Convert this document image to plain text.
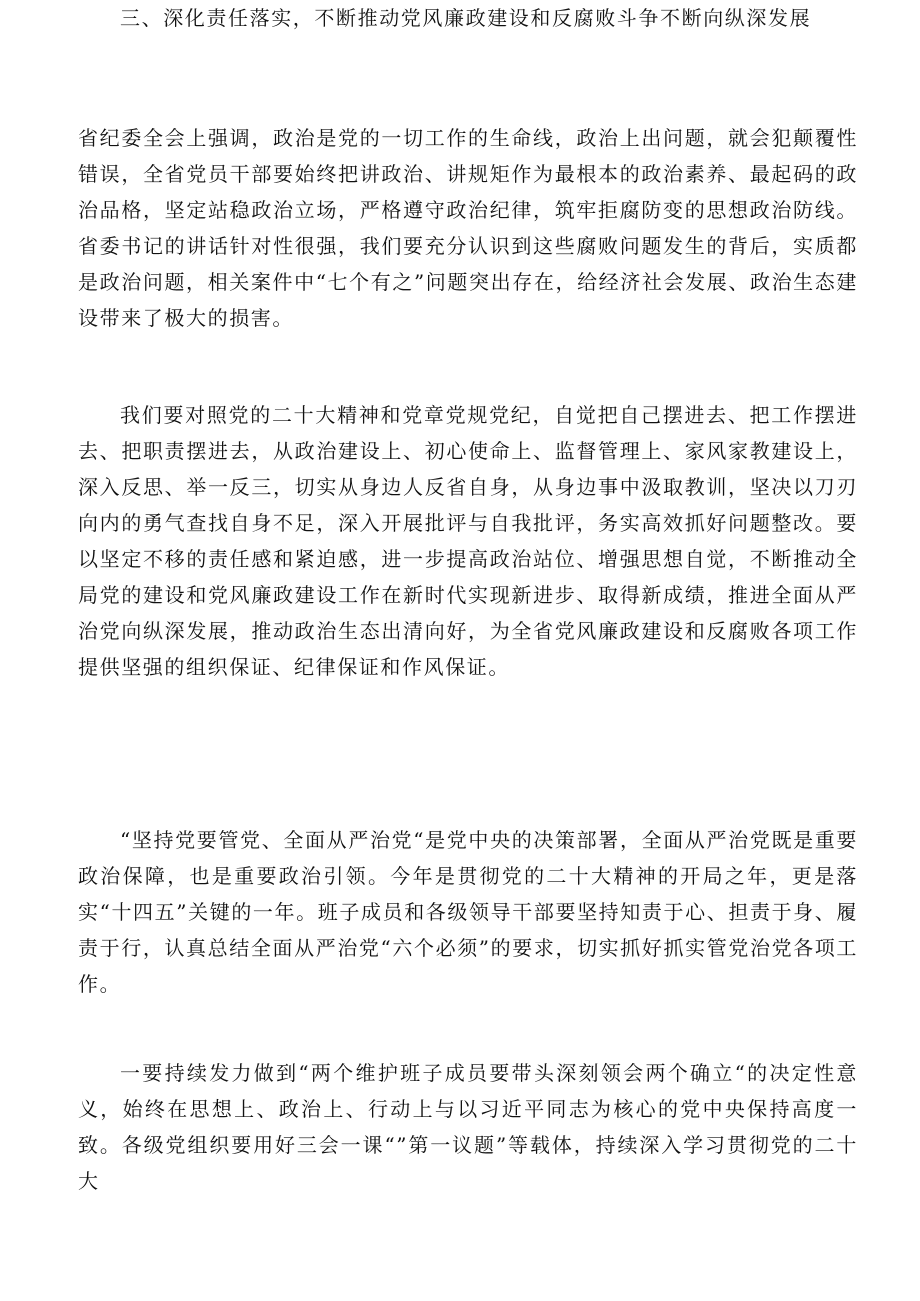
省纪委全会上强调，政治是党的一切工作的生命线，政治上出问题，就会犯颠覆性错误，全省党员干部要始终把讲政治、讲规矩作为最根本的政治素养、最起码的政治品格，坚定站稳政治立场，严格遵守政治纪律，筑牢拒腐防变的思想政治防线。省委书记的讲话针对性很强，我们要充分认识到这些腐败问题发生的背后，实质都是政治问题，相关案件中“七个有之”问题突出存在，给经济社会发展、政治生态建设带来了极大的损害。

我们要对照党的二十大精神和党章党规党纪，自觉把自己摆进去、把工作摆进去、把职责摆进去，从政治建设上、初心使命上、监督管理上、家风家教建设上，深入反思、举一反三，切实从身边人反省自身，从身边事中汲取教训，坚决以刀刃向内的勇气查找自身不足，深入开展批评与自我批评，务实高效抓好问题整改。要以坚定不移的责任感和紧迫感，进一步提高政治站位、增强思想自觉，不断推动全局党的建设和党风廉政建设工作在新时代实现新进步、取得新成绩，推进全面从严治党向纵深发展，推动政治生态出清向好，为全省党风廉政建设和反腐败各项工作提供坚强的组织保证、纪律保证和作风保证。

三、深化责任落实，不断推动党风廉政建设和反腐败斗争不断向纵深发展

“坚持党要管党、全面从严治党“是党中央的决策部署，全面从严治党既是重要政治保障，也是重要政治引领。今年是贯彻党的二十大精神的开局之年，更是落实“十四五”关键的一年。班子成员和各级领导干部要坚持知责于心、担责于身、履责于行，认真总结全面从严治党“六个必须”的要求，切实抓好抓实管党治党各项工作。

一要持续发力做到“两个维护班子成员要带头深刻领会两个确立“的决定性意义，始终在思想上、政治上、行动上与以习近平同志为核心的党中央保持高度一致。各级党组织要用好三会一课“”第一议题”等载体，持续深入学习贯彻党的二十大
